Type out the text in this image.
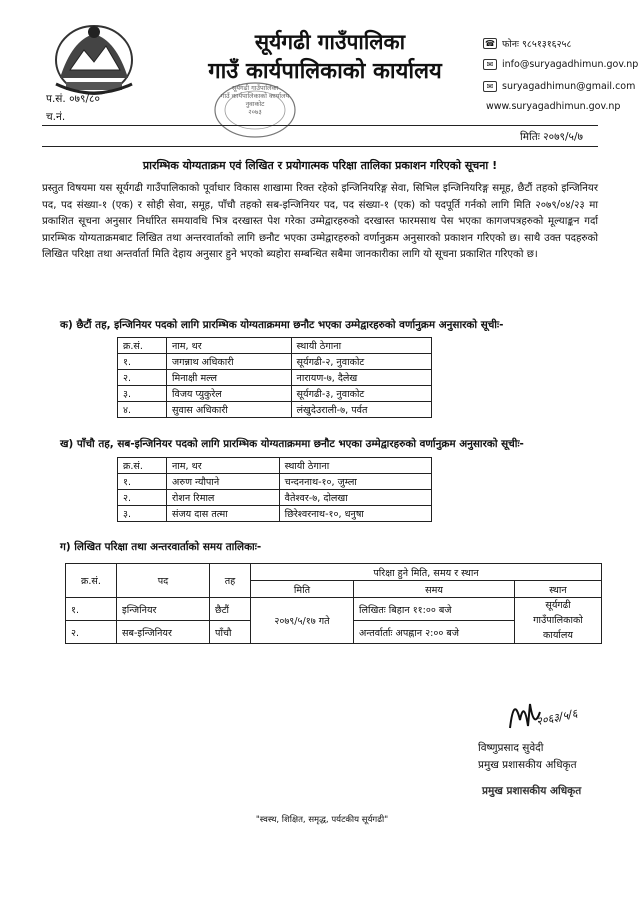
सूर्यगढी गाउँपालिका
गाउँ कार्यपालिकाको कार्यालय
प.सं. ०७९/८०
च.नं.
सूर्यगढी गाउँपालिका
गाउँ कार्यपालिकाको कार्यालय
नुवाकोट
२०७३
☎ फोनः ९८५१३१६२५८
✉ info@suryagadhimun.gov.np
✉ suryagadhimun@gmail.com
www.suryagadhimun.gov.np
मितिः २०७९/५/७
प्रारम्भिक योग्यताक्रम एवं लिखित र प्रयोगात्मक परिक्षा तालिका प्रकाशन गरिएको सूचना !
प्रस्तुत विषयमा यस सूर्यगढी गाउँपालिकाको पूर्वाधार विकास शाखामा रिक्त रहेको इन्जिनियरिङ्ग सेवा, सिभिल इन्जिनियरिङ्ग समूह, छैटौं तहको इन्जिनियर पद, पद संख्या-१ (एक) र सोही सेवा, समूह, पाँचौ तहको सब-इन्जिनियर पद, पद संख्या-१ (एक) को पदपूर्ति गर्नको लागि मिति २०७९/०४/२३ मा प्रकाशित सूचना अनुसार निर्धारित समयावधि भित्र दरखास्त पेश गरेका उम्मेद्वारहरुको दरखास्त फारमसाथ पेस भएका कागजपत्रहरुको मूल्याङ्कन गर्दा प्रारम्भिक योग्यताक्रमबाट लिखित तथा अन्तरवार्ताको लागि छनौट भएका उम्मेद्वारहरुको वर्णानुक्रम अनुसारको प्रकाशन गरिएको छ। साथै उक्त पदहरुको लिखित परिक्षा तथा अन्तर्वार्ता मिति देहाय अनुसार हुने भएको ब्यहोरा सम्बन्धित सबैमा जानकारीका लागि यो सूचना प्रकाशित गरिएको छ।
क) छैटौं तह, इन्जिनियर पदको लागि प्रारम्भिक योग्यताक्रममा छनौट भएका उम्मेद्वारहरुको वर्णानुक्रम अनुसारको सूचीः-
क्र.सं.	नाम, थर	स्थायी ठेगाना
१.	जगन्नाथ अधिकारी	सूर्यगढी-२, नुवाकोट
२.	मिनाक्षी मल्ल	नारायण-७, दैलेख
३.	विजय प्युकुरेल	सूर्यगढी-३, नुवाकोट
४.	सुवास अधिकारी	लंखुदेउराली-७, पर्वत
ख) पाँचौ तह, सब-इन्जिनियर पदको लागि प्रारम्भिक योग्यताक्रममा छनौट भएका उम्मेद्वारहरुको वर्णानुक्रम अनुसारको सूचीः-
क्र.सं.	नाम, थर	स्थायी ठेगाना
१.	अरुण न्यौपाने	चन्दननाथ-१०, जुम्ला
२.	रोशन रिमाल	वैतेश्वर-७, दोलखा
३.	संजय दास तत्मा	छिरेश्वरनाथ-१०, धनुषा
ग) लिखित परिक्षा तथा अन्तरवार्ताको समय तालिकाः-
क्र.सं.	पद	तह	परिक्षा हुने मिति, समय र स्थान		
			मिति	समय	स्थान
१.	इन्जिनियर	छैटौं	२०७९/५/१७ गते	लिखितः बिहान ११:०० बजे	सूर्यगढी गाउँपालिकाको कार्यालय
२.	सब-इन्जिनियर	पाँचौ		अन्तर्वार्ताः अपह्नान २:०० बजे	
२०६३/५/६
विष्णुप्रसाद सुवेदी
प्रमुख प्रशासकीय अधिकृत
प्रमुख प्रशासकीय अधिकृत
"स्वस्थ, शिक्षित, समृद्ध, पर्यटकीय सूर्यगढी"
